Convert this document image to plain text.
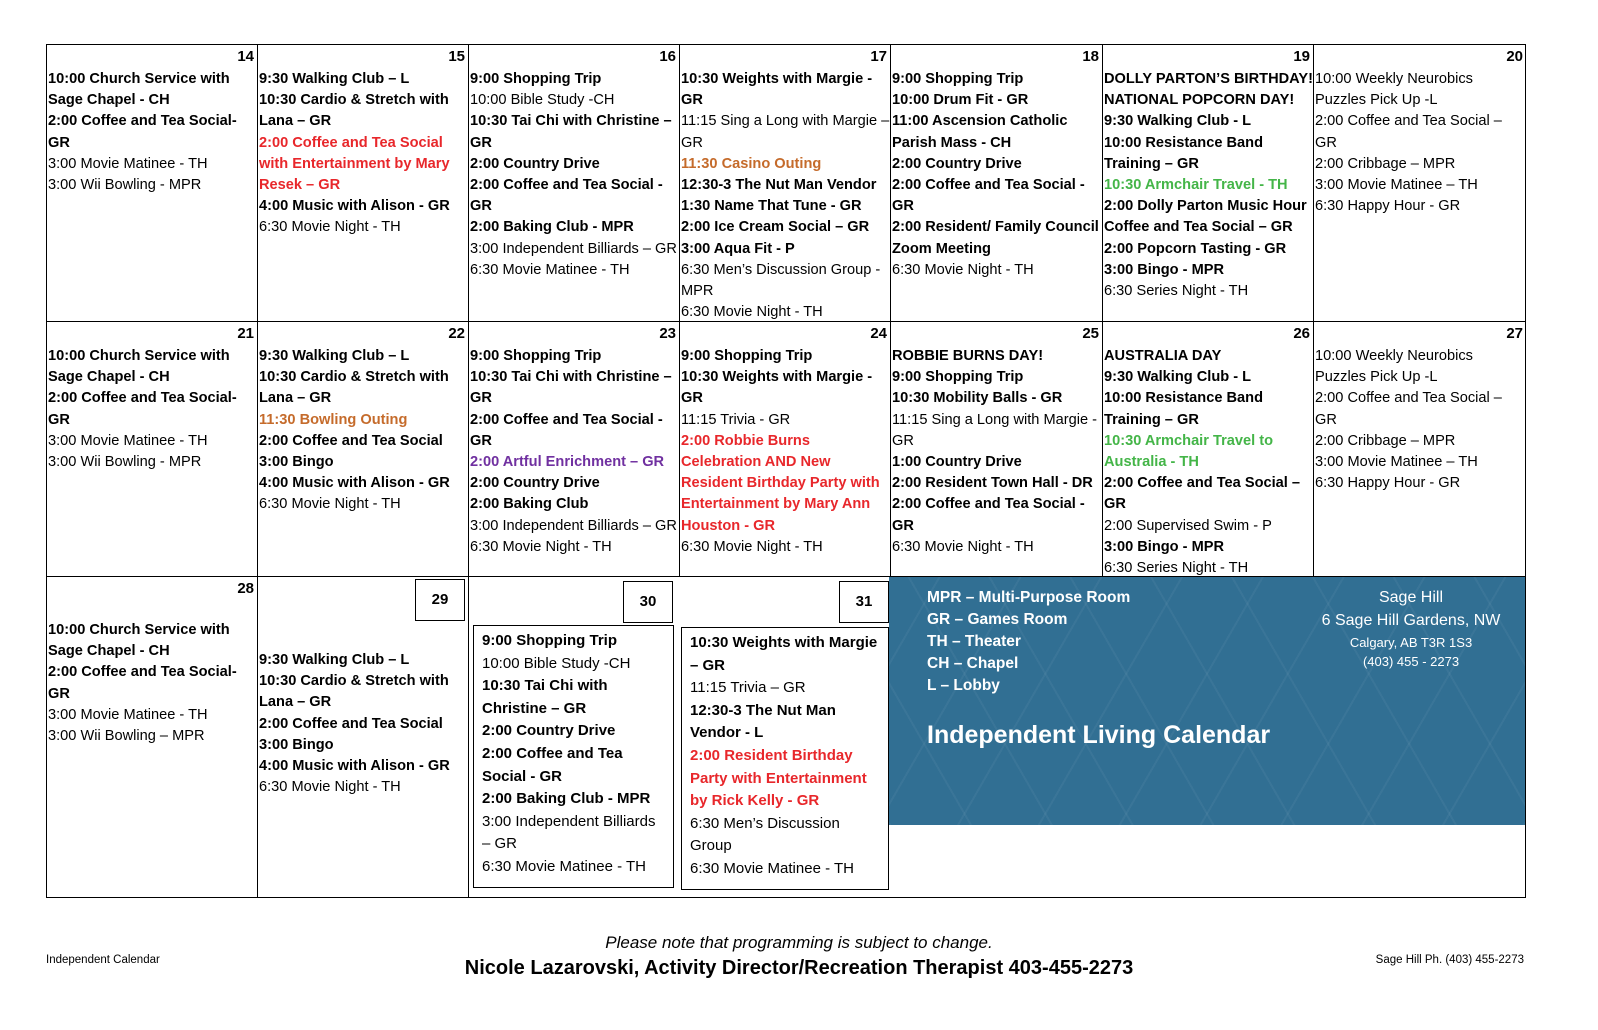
14
10:00 Church Service with Sage Chapel - CH
2:00 Coffee and Tea Social-GR
3:00 Movie Matinee - TH
3:00 Wii Bowling - MPR
15
9:30 Walking Club – L
10:30 Cardio & Stretch with Lana – GR
2:00 Coffee and Tea Social with Entertainment by Mary Resek – GR
4:00 Music with Alison - GR
6:30 Movie Night - TH
16
9:00 Shopping Trip
10:00 Bible Study -CH
10:30 Tai Chi with Christine – GR
2:00 Country Drive
2:00 Coffee and Tea Social - GR
2:00 Baking Club - MPR
3:00 Independent Billiards – GR
6:30 Movie Matinee - TH
17
10:30 Weights with Margie - GR
11:15 Sing a Long with Margie – GR
11:30 Casino Outing
12:30-3 The Nut Man Vendor
1:30 Name That Tune - GR
2:00 Ice Cream Social – GR
3:00 Aqua Fit - P
6:30 Men’s Discussion Group - MPR
6:30 Movie Night - TH
18
9:00 Shopping Trip
10:00 Drum Fit - GR
11:00 Ascension Catholic Parish Mass - CH
2:00 Country Drive
2:00 Coffee and Tea Social - GR
2:00 Resident/ Family Council Zoom Meeting
6:30 Movie Night - TH
19
DOLLY PARTON’S BIRTHDAY!
NATIONAL POPCORN DAY!
9:30 Walking Club - L
10:00 Resistance Band Training – GR
10:30 Armchair Travel - TH
2:00 Dolly Parton Music Hour Coffee and Tea Social – GR
2:00 Popcorn Tasting - GR
3:00 Bingo - MPR
6:30 Series Night - TH
20
10:00 Weekly Neurobics Puzzles Pick Up -L
2:00 Coffee and Tea Social – GR
2:00 Cribbage – MPR
3:00 Movie Matinee – TH
6:30 Happy Hour - GR
21
10:00 Church Service with Sage Chapel - CH
2:00 Coffee and Tea Social-GR
3:00 Movie Matinee - TH
3:00 Wii Bowling - MPR
22
9:30 Walking Club – L
10:30 Cardio & Stretch with Lana – GR
11:30 Bowling Outing
2:00 Coffee and Tea Social
3:00 Bingo
4:00 Music with Alison - GR
6:30 Movie Night - TH
23
9:00 Shopping Trip
10:30 Tai Chi with Christine – GR
2:00 Coffee and Tea Social - GR
2:00 Artful Enrichment – GR
2:00 Country Drive
2:00 Baking Club
3:00 Independent Billiards – GR
6:30 Movie Night - TH
24
9:00 Shopping Trip
10:30 Weights with Margie - GR
11:15 Trivia - GR
2:00 Robbie Burns Celebration AND New Resident Birthday Party with Entertainment by Mary Ann Houston - GR
6:30 Movie Night - TH
25
ROBBIE BURNS DAY!
9:00 Shopping Trip
10:30 Mobility Balls - GR
11:15 Sing a Long with Margie - GR
1:00 Country Drive
2:00 Resident Town Hall - DR
2:00 Coffee and Tea Social - GR
6:30 Movie Night - TH
26
AUSTRALIA DAY
9:30 Walking Club - L
10:00 Resistance Band Training – GR
10:30 Armchair Travel to Australia - TH
2:00 Coffee and Tea Social – GR
2:00 Supervised Swim - P
3:00 Bingo - MPR
6:30 Series Night - TH
27
10:00 Weekly Neurobics Puzzles Pick Up -L
2:00 Coffee and Tea Social – GR
2:00 Cribbage – MPR
3:00 Movie Matinee – TH
6:30 Happy Hour - GR
28
10:00 Church Service with Sage Chapel - CH
2:00 Coffee and Tea Social-GR
3:00 Movie Matinee - TH
3:00 Wii Bowling – MPR
29
9:30 Walking Club – L
10:30 Cardio & Stretch with Lana – GR
2:00 Coffee and Tea Social
3:00 Bingo
4:00 Music with Alison - GR
6:30 Movie Night - TH
30
9:00 Shopping Trip
10:00 Bible Study -CH
10:30 Tai Chi with Christine – GR
2:00 Country Drive
2:00 Coffee and Tea Social - GR
2:00 Baking Club - MPR
3:00 Independent Billiards – GR
6:30 Movie Matinee - TH
31
10:30 Weights with Margie – GR
11:15 Trivia – GR
12:30-3 The Nut Man Vendor - L
2:00 Resident Birthday Party with Entertainment by Rick Kelly - GR
6:30 Men’s Discussion Group
6:30 Movie Matinee - TH
MPR – Multi-Purpose Room
GR – Games Room
TH – Theater
CH – Chapel
L – Lobby
Independent Living Calendar
Sage Hill
6 Sage Hill Gardens, NW
Calgary, AB T3R 1S3
(403) 455 - 2273
Independent Calendar
Please note that programming is subject to change.
Nicole Lazarovski, Activity Director/Recreation Therapist 403-455-2273	Sage Hill Ph. (403) 455-2273
